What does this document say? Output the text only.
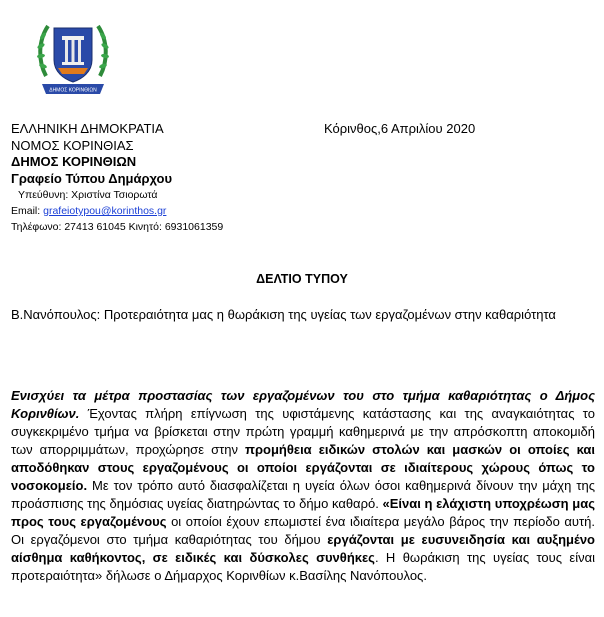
ΔΗΜΟΣ ΚΟΡΙΝΘΙΩΝ
ΕΛΛΗΝΙΚΗ ΔΗΜΟΚΡΑΤΙΑ
ΝΟΜΟΣ ΚΟΡΙΝΘΙΑΣ
ΔΗΜΟΣ ΚΟΡΙΝΘΙΩΝ
Γραφείο Τύπου Δημάρχου
Υπεύθυνη: Χριστίνα Τσιορωτά
Email: grafeiotypou@korinthos.gr
Τηλέφωνο: 27413 61045 Κινητό: 6931061359
Κόρινθος,6 Απριλίου 2020
ΔΕΛΤΙΟ ΤΥΠΟΥ
Β.Νανόπουλος: Προτεραιότητα μας η θωράκιση της υγείας των εργαζομένων στην καθαριότητα
Ενισχύει τα μέτρα προστασίας των εργαζομένων του στο τμήμα καθαριότητας ο Δήμος Κορινθίων. Έχοντας πλήρη επίγνωση της υφιστάμενης κατάστασης και της αναγκαιότητας το συγκεκριμένο τμήμα να βρίσκεται στην πρώτη γραμμή καθημερινά με την απρόσκοπτη αποκομιδή των απορριμμάτων, προχώρησε στην προμήθεια ειδικών στολών και μασκών οι οποίες και αποδόθηκαν στους εργαζομένους οι οποίοι εργάζονται σε ιδιαίτερους χώρους όπως το νοσοκομείο. Με τον τρόπο αυτό διασφαλίζεται η υγεία όλων όσοι καθημερινά δίνουν την μάχη της προάσπισης της δημόσιας υγείας διατηρώντας το δήμο καθαρό. «Είναι η ελάχιστη υποχρέωση μας προς τους εργαζομένους οι οποίοι έχουν επωμιστεί ένα ιδιαίτερα μεγάλο βάρος την περίοδο αυτή. Οι εργαζόμενοι στο τμήμα καθαριότητας του δήμου εργάζονται με ευσυνειδησία και αυξημένο αίσθημα καθήκοντος, σε ειδικές και δύσκολες συνθήκες. Η θωράκιση της υγείας τους είναι προτεραιότητα» δήλωσε ο Δήμαρχος Κορινθίων κ.Βασίλης Νανόπουλος.
